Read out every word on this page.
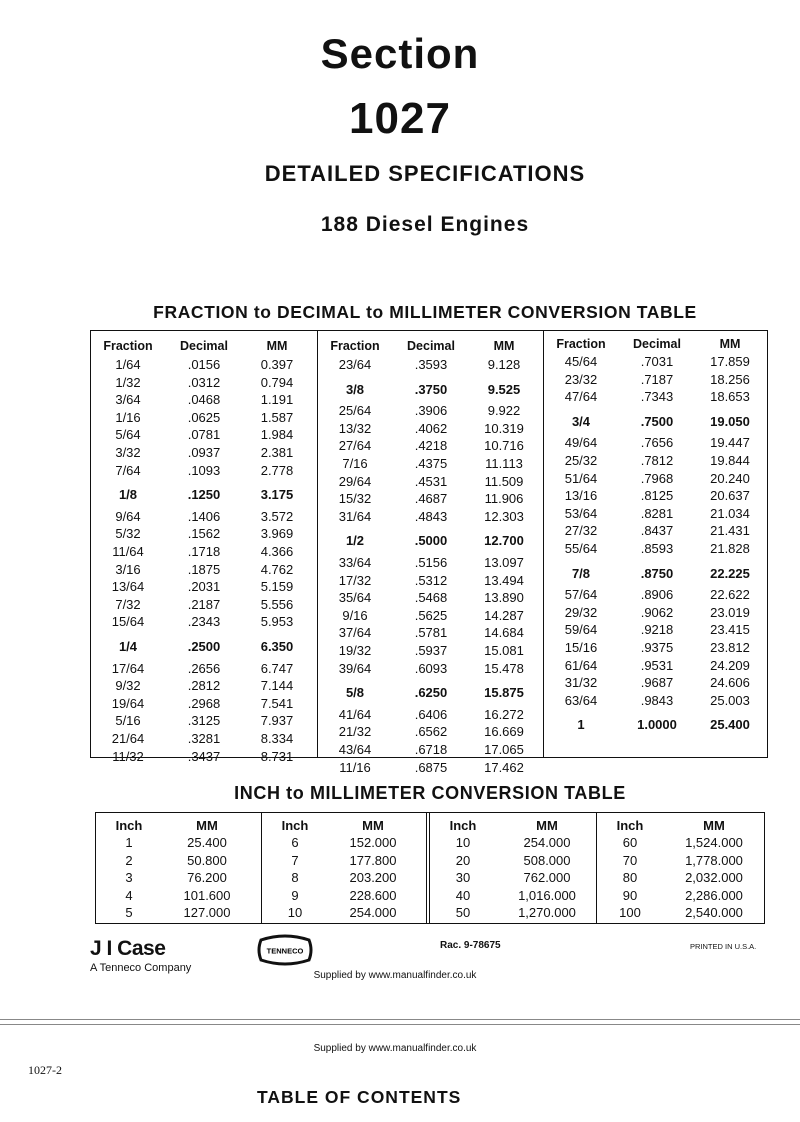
Section
1027
DETAILED SPECIFICATIONS
188 Diesel Engines
FRACTION to DECIMAL to MILLIMETER CONVERSION TABLE
Fraction	Decimal	MM
1/64	.0156	0.397
1/32	.0312	0.794
3/64	.0468	1.191
1/16	.0625	1.587
5/64	.0781	1.984
3/32	.0937	2.381
7/64	.1093	2.778
1/8	.1250	3.175
9/64	.1406	3.572
5/32	.1562	3.969
11/64	.1718	4.366
3/16	.1875	4.762
13/64	.2031	5.159
7/32	.2187	5.556
15/64	.2343	5.953
1/4	.2500	6.350
17/64	.2656	6.747
9/32	.2812	7.144
19/64	.2968	7.541
5/16	.3125	7.937
21/64	.3281	8.334
11/32	.3437	8.731
Fraction	Decimal	MM
23/64	.3593	9.128
3/8	.3750	9.525
25/64	.3906	9.922
13/32	.4062	10.319
27/64	.4218	10.716
7/16	.4375	11.113
29/64	.4531	11.509
15/32	.4687	11.906
31/64	.4843	12.303
1/2	.5000	12.700
33/64	.5156	13.097
17/32	.5312	13.494
35/64	.5468	13.890
9/16	.5625	14.287
37/64	.5781	14.684
19/32	.5937	15.081
39/64	.6093	15.478
5/8	.6250	15.875
41/64	.6406	16.272
21/32	.6562	16.669
43/64	.6718	17.065
11/16	.6875	17.462
Fraction	Decimal	MM
45/64	.7031	17.859
23/32	.7187	18.256
47/64	.7343	18.653
3/4	.7500	19.050
49/64	.7656	19.447
25/32	.7812	19.844
51/64	.7968	20.240
13/16	.8125	20.637
53/64	.8281	21.034
27/32	.8437	21.431
55/64	.8593	21.828
7/8	.8750	22.225
57/64	.8906	22.622
29/32	.9062	23.019
59/64	.9218	23.415
15/16	.9375	23.812
61/64	.9531	24.209
31/32	.9687	24.606
63/64	.9843	25.003
1	1.0000	25.400
INCH to MILLIMETER CONVERSION TABLE
Inch	MM
1	25.400
2	50.800
3	76.200
4	101.600
5	127.000
Inch	MM
6	152.000
7	177.800
8	203.200
9	228.600
10	254.000
Inch	MM
10	254.000
20	508.000
30	762.000
40	1,016.000
50	1,270.000
Inch	MM
60	1,524.000
70	1,778.000
80	2,032.000
90	2,286.000
100	2,540.000
J I Case
A Tenneco Company
TENNECO	Rac. 9-78675	PRINTED IN U.S.A.
Supplied by www.manualfinder.co.uk
Supplied by www.manualfinder.co.uk
1027-2
TABLE OF CONTENTS
